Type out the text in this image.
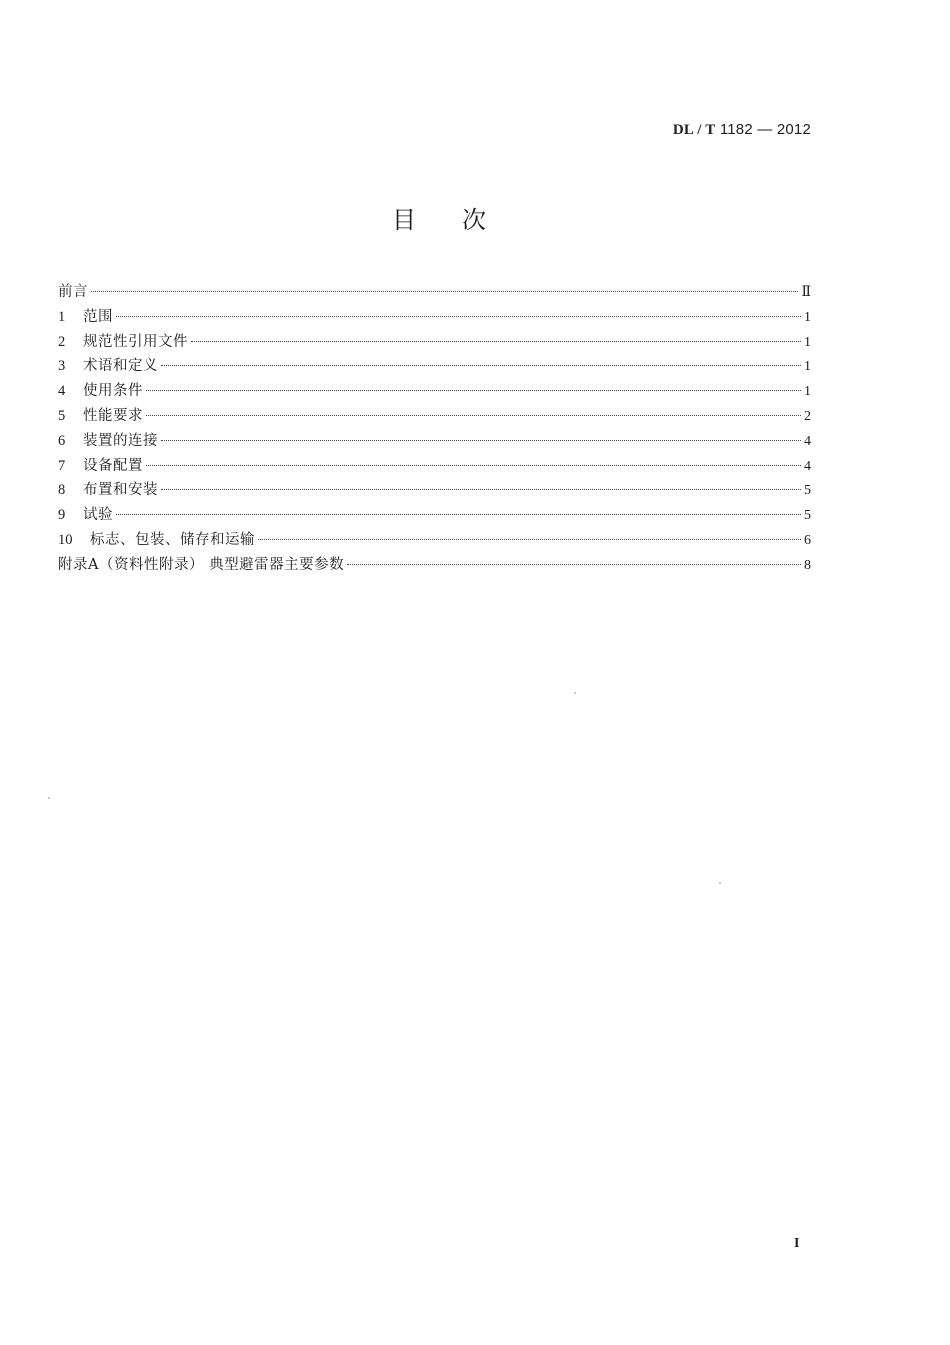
DL / T 1182 — 2012
目次
前言	Ⅱ
1	范围	1
2	规范性引用文件	1
3	术语和定义	1
4	使用条件	1
5	性能要求	2
6	装置的连接	4
7	设备配置	4
8	布置和安装	5
9	试验	5
10	标志、包装、储存和运输	6
附录A（资料性附录） 典型避雷器主要参数	8
I
